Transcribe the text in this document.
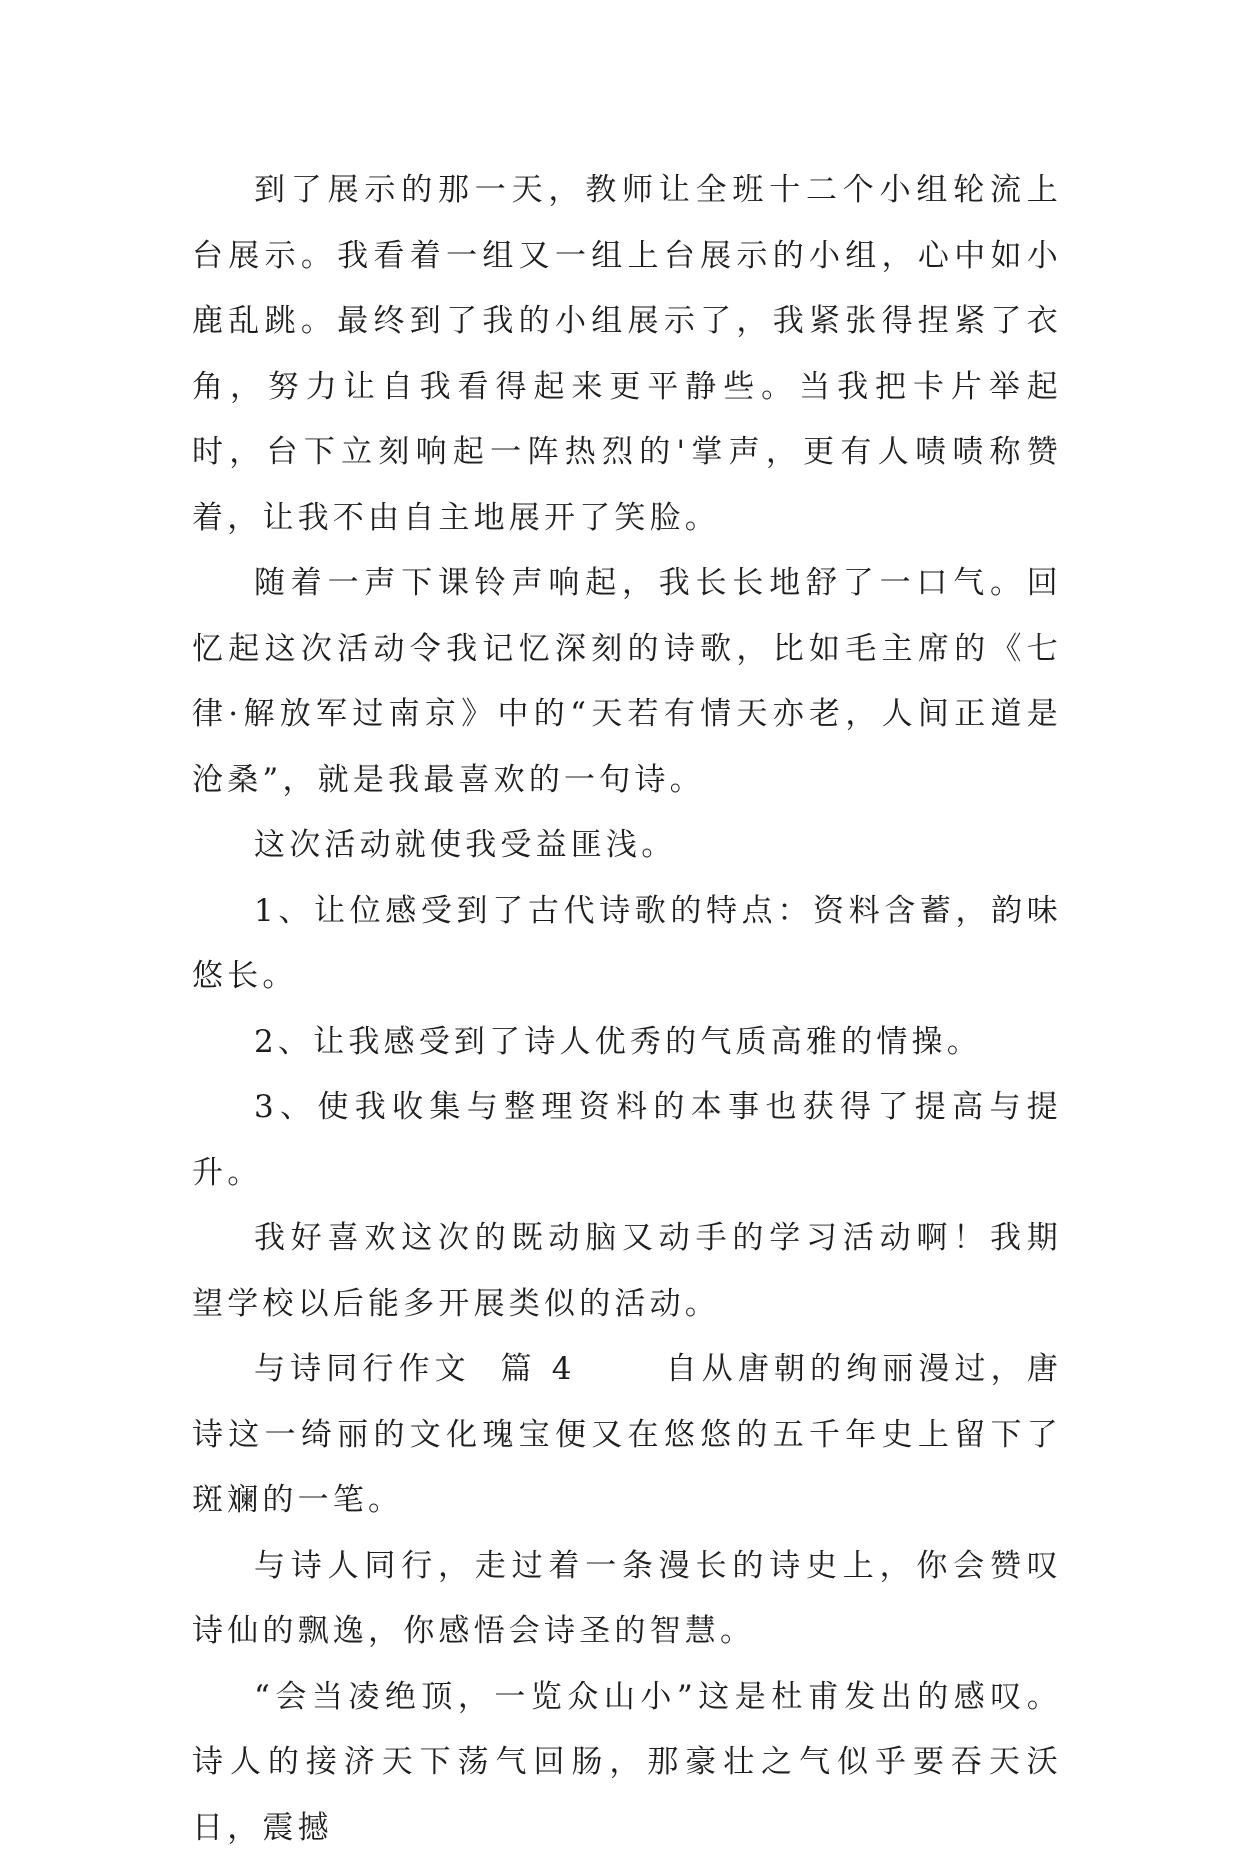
到了展示的那一天，教师让全班十二个小组轮流上台展示。我看着一组又一组上台展示的小组，心中如小鹿乱跳。最终到了我的小组展示了，我紧张得捏紧了衣角，努力让自我看得起来更平静些。当我把卡片举起时，台下立刻响起一阵热烈的'掌声，更有人啧啧称赞着，让我不由自主地展开了笑脸。

随着一声下课铃声响起，我长长地舒了一口气。回忆起这次活动令我记忆深刻的诗歌，比如毛主席的《七律·解放军过南京》中的“天若有情天亦老，人间正道是沧桑”，就是我最喜欢的一句诗。

这次活动就使我受益匪浅。

1、让位感受到了古代诗歌的特点：资料含蓄，韵味悠长。

2、让我感受到了诗人优秀的气质高雅的情操。

3、使我收集与整理资料的本事也获得了提高与提升。

我好喜欢这次的既动脑又动手的学习活动啊！我期望学校以后能多开展类似的活动。

与诗同行作文  篇 4      自从唐朝的绚丽漫过，唐诗这一绮丽的文化瑰宝便又在悠悠的五千年史上留下了斑斓的一笔。

与诗人同行，走过着一条漫长的诗史上，你会赞叹诗仙的飘逸，你感悟会诗圣的智慧。

“会当凌绝顶，一览众山小”这是杜甫发出的感叹。诗人的接济天下荡气回肠，那豪壮之气似乎要吞天沃日，震撼
